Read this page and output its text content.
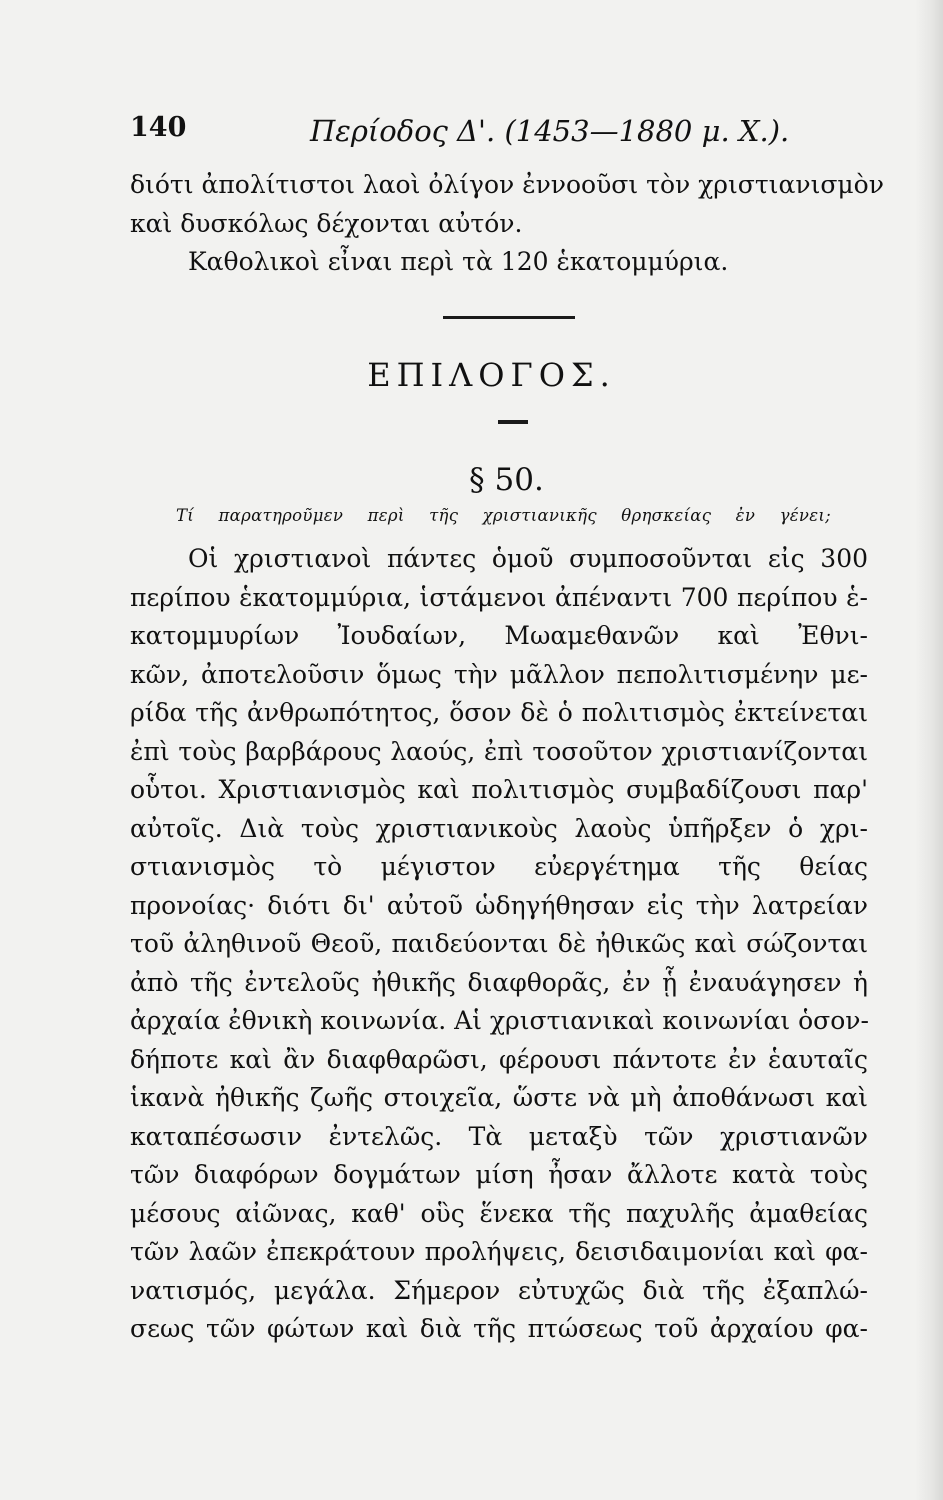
140	Περίοδος Δ'. (1453—1880 μ. Χ.).
διότι ἀπολίτιστοι λαοὶ ὀλίγον ἐννοοῦσι τὸν χριστιανισμὸν
καὶ δυσκόλως δέχονται αὐτόν.
Καθολικοὶ εἶναι περὶ τὰ 120 ἑκατομμύρια.
ΕΠΙΛΟΓΟΣ.
§ 50.
Τί παρατηροῦμεν περὶ τῆς χριστιανικῆς θρησκείας ἐν γένει;
Οἱ χριστιανοὶ πάντες ὁμοῦ συμποσοῦνται εἰς 300
περίπου ἑκατομμύρια, ἱστάμενοι ἀπέναντι 700 περίπου ἑ-
κατομμυρίων Ἰουδαίων, Μωαμεθανῶν καὶ Ἐθνι-
κῶν, ἀποτελοῦσιν ὅμως τὴν μᾶλλον πεπολιτισμένην με-
ρίδα τῆς ἀνθρωπότητος, ὅσον δὲ ὁ πολιτισμὸς ἐκτείνεται
ἐπὶ τοὺς βαρβάρους λαούς, ἐπὶ τοσοῦτον χριστιανίζονται
οὗτοι. Χριστιανισμὸς καὶ πολιτισμὸς συμβαδίζουσι παρ'
αὐτοῖς. Διὰ τοὺς χριστιανικοὺς λαοὺς ὑπῆρξεν ὁ χρι-
στιανισμὸς τὸ μέγιστον εὐεργέτημα τῆς θείας
προνοίας· διότι δι' αὐτοῦ ὡδηγήθησαν εἰς τὴν λατρείαν
τοῦ ἀληθινοῦ Θεοῦ, παιδεύονται δὲ ἠθικῶς καὶ σώζονται
ἀπὸ τῆς ἐντελοῦς ἠθικῆς διαφθορᾶς, ἐν ᾗ ἐναυάγησεν ἡ
ἀρχαία ἐθνικὴ κοινωνία. Αἱ χριστιανικαὶ κοινωνίαι ὁσον-
δήποτε καὶ ἂν διαφθαρῶσι, φέρουσι πάντοτε ἐν ἑαυταῖς
ἱκανὰ ἠθικῆς ζωῆς στοιχεῖα, ὥστε νὰ μὴ ἀποθάνωσι καὶ
καταπέσωσιν ἐντελῶς. Τὰ μεταξὺ τῶν χριστιανῶν
τῶν διαφόρων δογμάτων μίση ἦσαν ἄλλοτε κατὰ τοὺς
μέσους αἰῶνας, καθ' οὓς ἕνεκα τῆς παχυλῆς ἀμαθείας
τῶν λαῶν ἐπεκράτουν προλήψεις, δεισιδαιμονίαι καὶ φα-
νατισμός, μεγάλα. Σήμερον εὐτυχῶς διὰ τῆς ἐξαπλώ-
σεως τῶν φώτων καὶ διὰ τῆς πτώσεως τοῦ ἀρχαίου φα-
